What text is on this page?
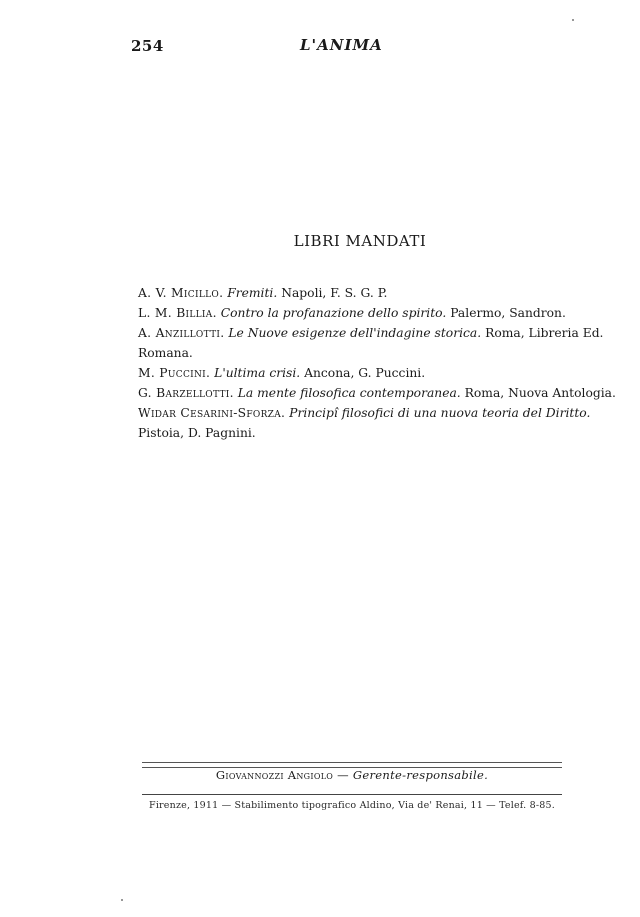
254	L'ANIMA
LIBRI MANDATI

A. V. Micillo. Fremiti. Napoli, F. S. G. P.

L. M. Billia. Contro la profanazione dello spirito. Palermo, Sandron.

A. Anzillotti. Le Nuove esigenze dell'indagine storica. Roma, Libreria Ed.
Romana.

M. Puccini. L'ultima crisi. Ancona, G. Puccini.

G. Barzellotti. La mente filosofica contemporanea. Roma, Nuova Antologia.

Widar Cesarini-Sforza. Principî filosofici di una nuova teoria del Diritto.
Pistoia, D. Pagnini.

Giovannozzi Angiolo — Gerente-responsabile.
Firenze, 1911 — Stabilimento tipografico Aldino, Via de' Renai, 11 — Telef. 8-85.
